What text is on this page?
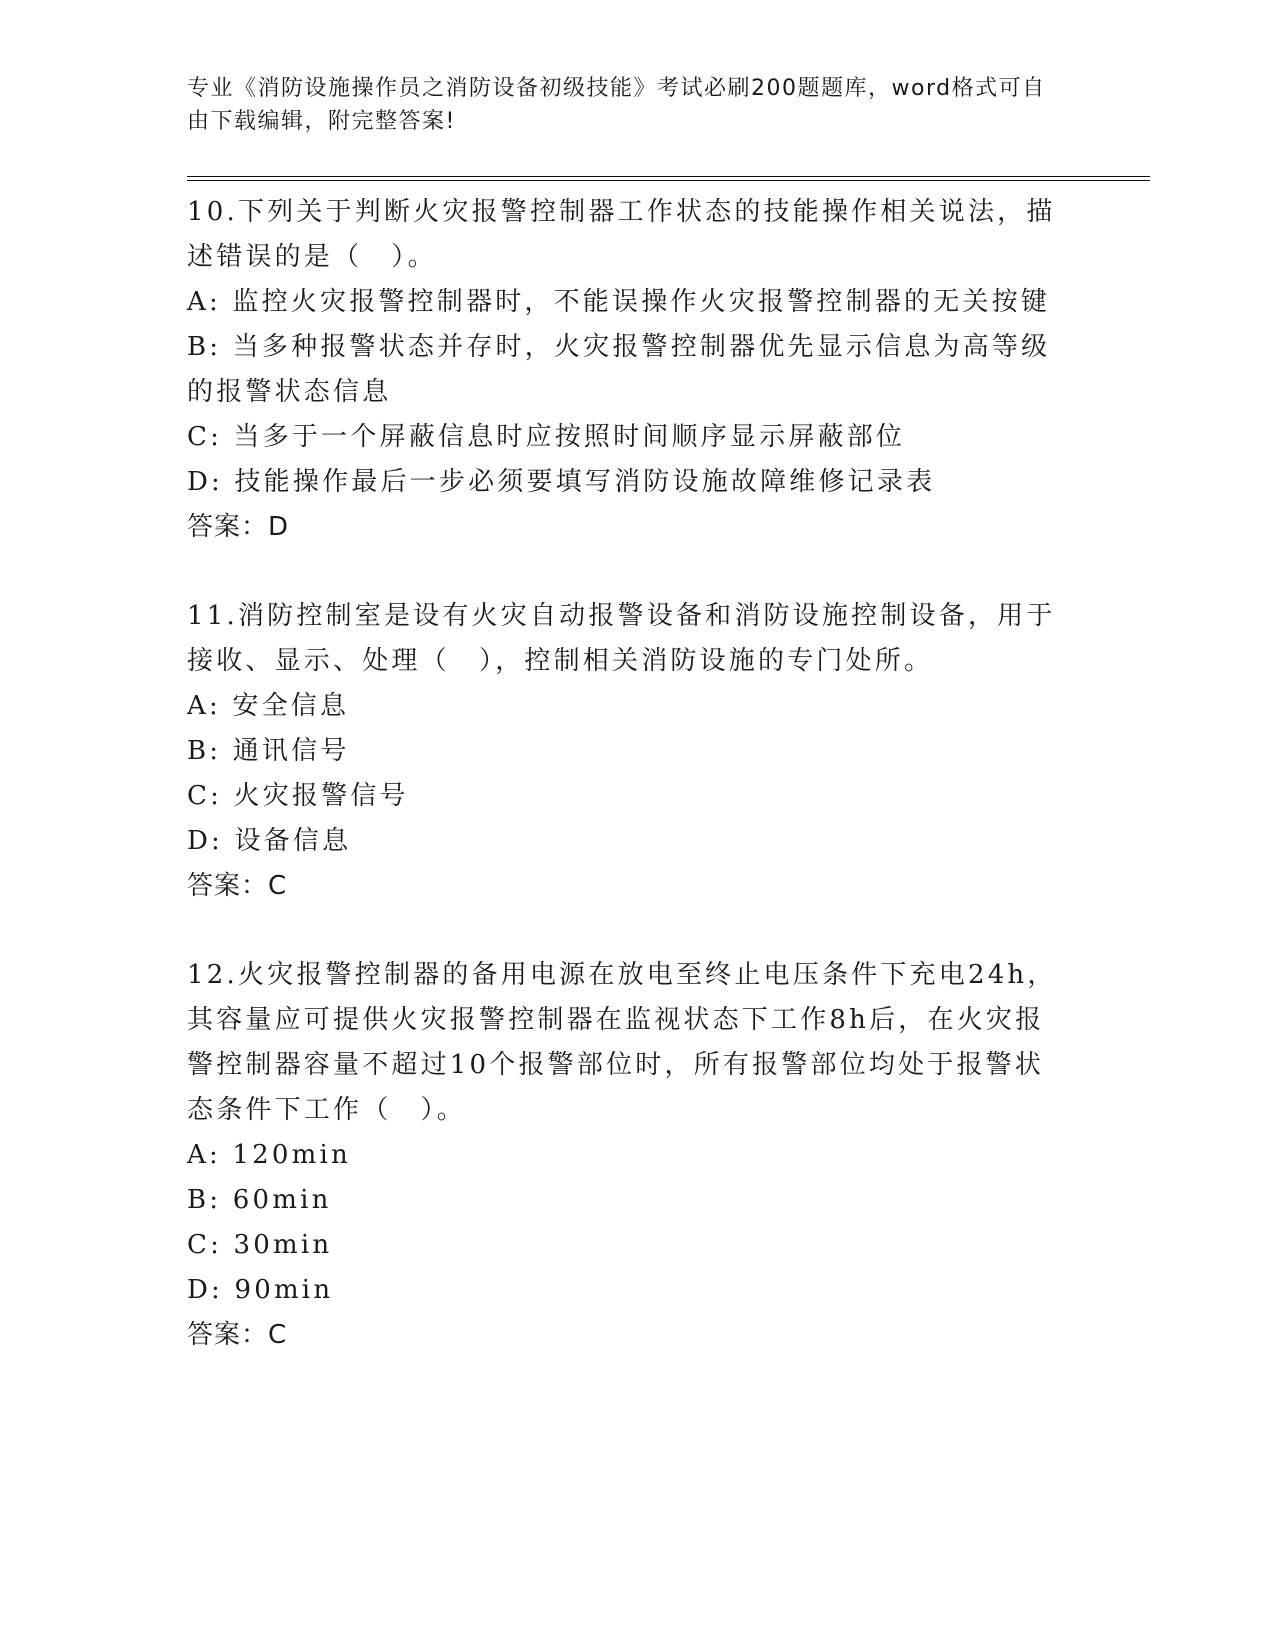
专业《消防设施操作员之消防设备初级技能》考试必刷200题题库，word格式可自由下载编辑，附完整答案!

10.下列关于判断火灾报警控制器工作状态的技能操作相关说法，描述错误的是（　）。

A: 监控火灾报警控制器时，不能误操作火灾报警控制器的无关按键

B: 当多种报警状态并存时，火灾报警控制器优先显示信息为高等级的报警状态信息

C: 当多于一个屏蔽信息时应按照时间顺序显示屏蔽部位

D: 技能操作最后一步必须要填写消防设施故障维修记录表

答案：D

11.消防控制室是设有火灾自动报警设备和消防设施控制设备，用于接收、显示、处理（　），控制相关消防设施的专门处所。

A: 安全信息

B: 通讯信号

C: 火灾报警信号

D: 设备信息

答案：C

12.火灾报警控制器的备用电源在放电至终止电压条件下充电24h，其容量应可提供火灾报警控制器在监视状态下工作8h后，在火灾报警控制器容量不超过10个报警部位时，所有报警部位均处于报警状态条件下工作（　）。

A: 120min

B: 60min

C: 30min

D: 90min

答案：C
